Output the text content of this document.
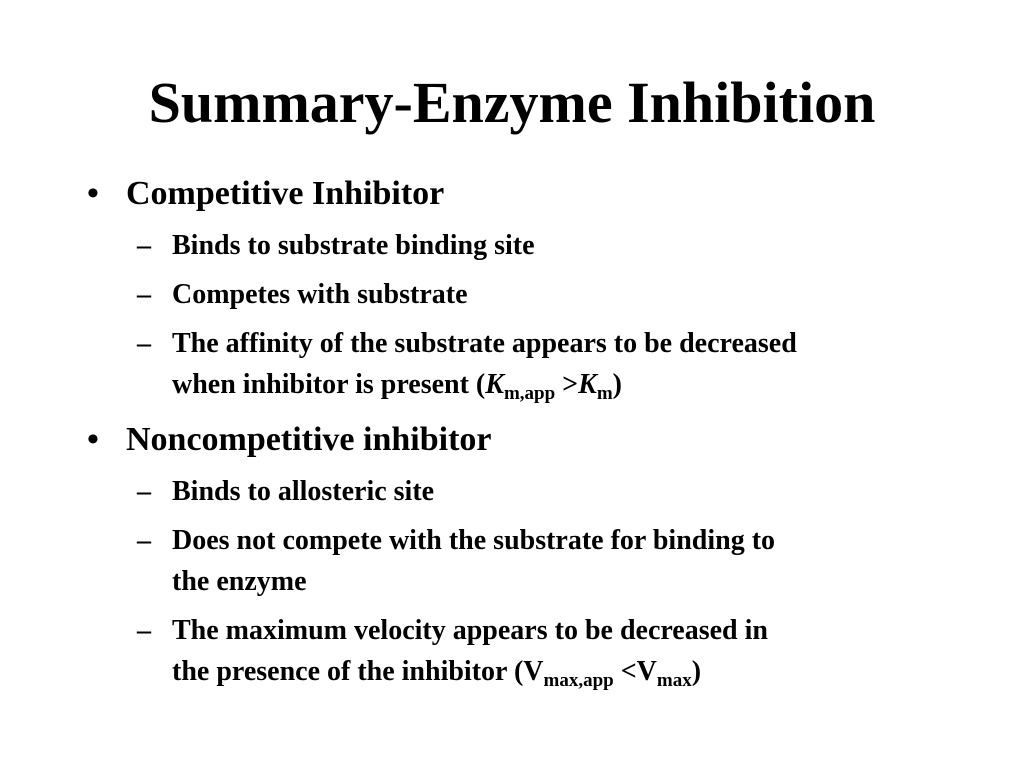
Summary-Enzyme Inhibition
• Competitive Inhibitor
– Binds to substrate binding site
– Competes with substrate
– The affinity of the substrate appears to be decreased
when inhibitor is present $(K_{m,app} >K_m)$
• Noncompetitive inhibitor
– Binds to allosteric site
– Does not compete with the substrate for binding to
the enzyme
– The maximum velocity appears to be decreased in
the presence of the inhibitor $(V_{max,app} <V_{max})$
